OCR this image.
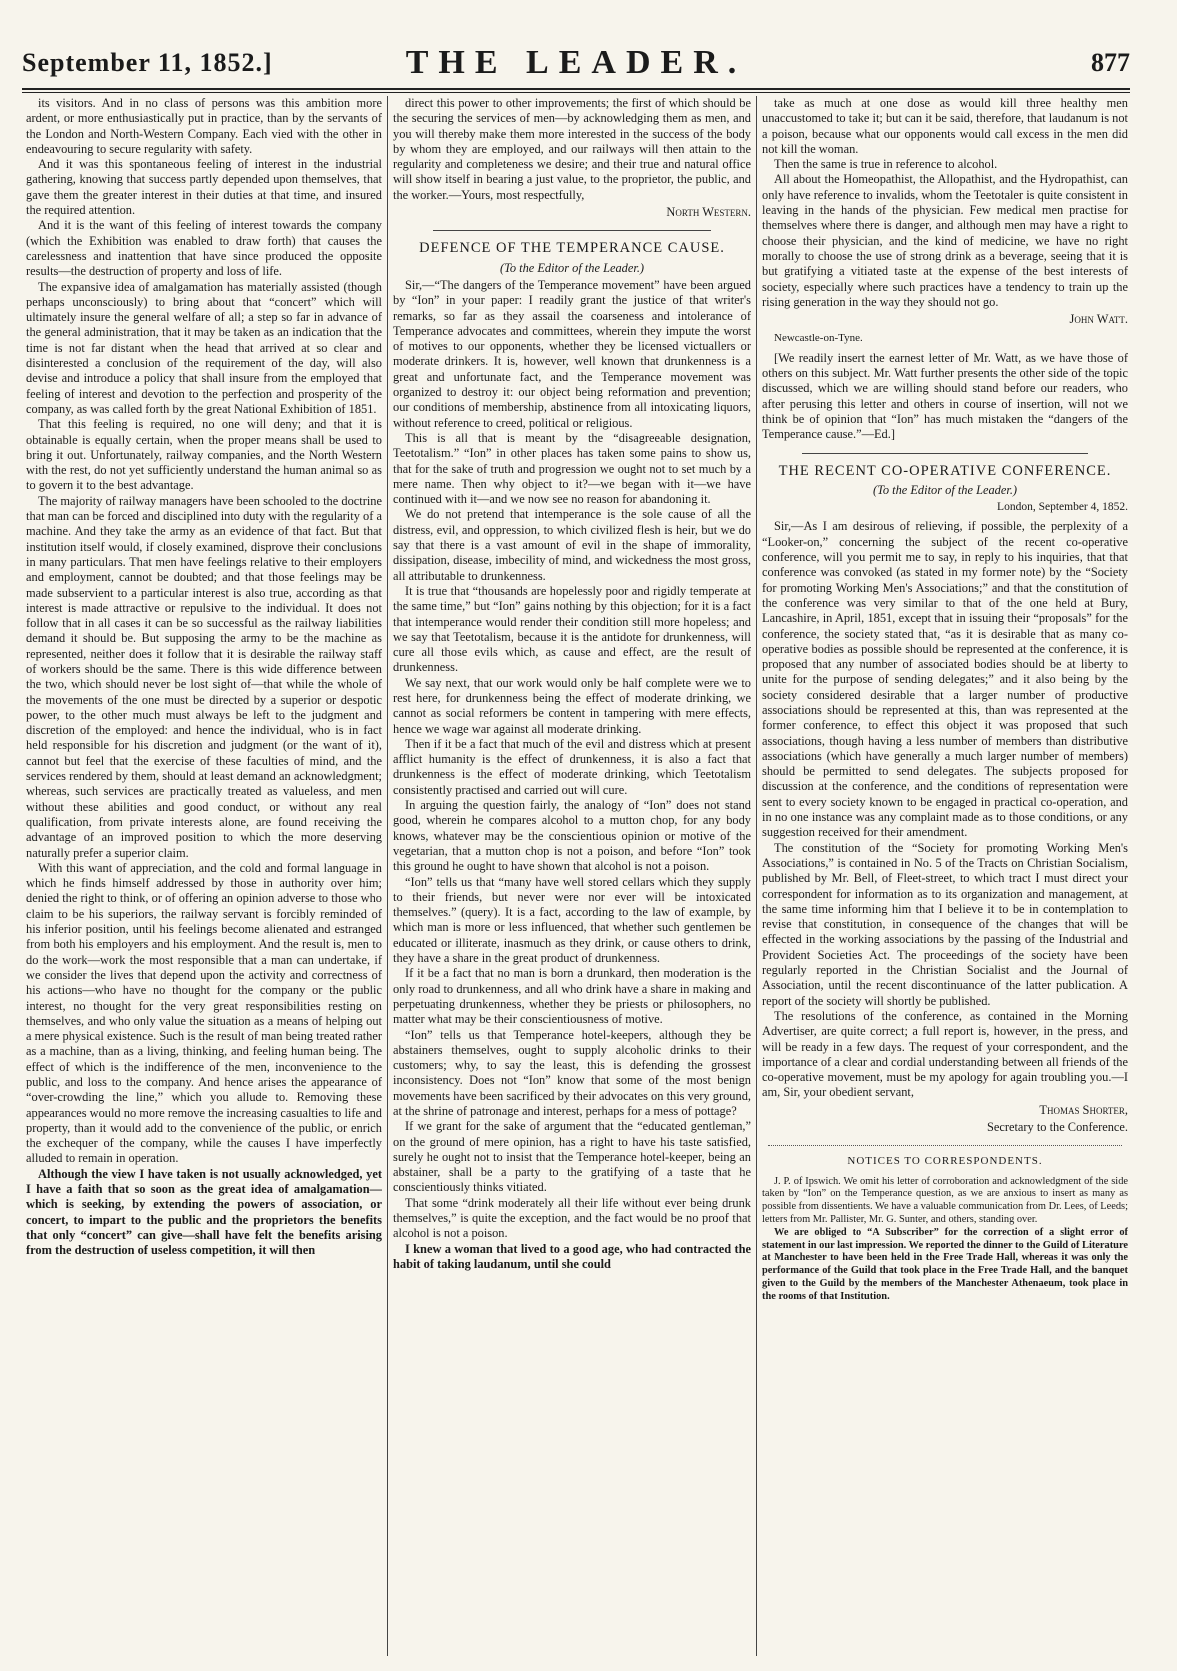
September 11, 1852.]	THE LEADER.	877

its visitors. And in no class of persons was this ambition more ardent, or more enthusiastically put in practice, than by the servants of the London and North-Western Company. Each vied with the other in endeavouring to secure regularity with safety.

And it was this spontaneous feeling of interest in the industrial gathering, knowing that success partly depended upon themselves, that gave them the greater interest in their duties at that time, and insured the required attention.

And it is the want of this feeling of interest towards the company (which the Exhibition was enabled to draw forth) that causes the carelessness and inattention that have since produced the opposite results—the destruction of property and loss of life.

The expansive idea of amalgamation has materially assisted (though perhaps unconsciously) to bring about that “concert” which will ultimately insure the general welfare of all; a step so far in advance of the general administration, that it may be taken as an indication that the time is not far distant when the head that arrived at so clear and disinterested a conclusion of the requirement of the day, will also devise and introduce a policy that shall insure from the employed that feeling of interest and devotion to the perfection and prosperity of the company, as was called forth by the great National Exhibition of 1851.

That this feeling is required, no one will deny; and that it is obtainable is equally certain, when the proper means shall be used to bring it out. Unfortunately, railway companies, and the North Western with the rest, do not yet sufficiently understand the human animal so as to govern it to the best advantage.

The majority of railway managers have been schooled to the doctrine that man can be forced and disciplined into duty with the regularity of a machine. And they take the army as an evidence of that fact. But that institution itself would, if closely examined, disprove their conclusions in many particulars. That men have feelings relative to their employers and employment, cannot be doubted; and that those feelings may be made subservient to a particular interest is also true, according as that interest is made attractive or repulsive to the individual. It does not follow that in all cases it can be so successful as the railway liabilities demand it should be. But supposing the army to be the machine as represented, neither does it follow that it is desirable the railway staff of workers should be the same. There is this wide difference between the two, which should never be lost sight of—that while the whole of the movements of the one must be directed by a superior or despotic power, to the other much must always be left to the judgment and discretion of the employed: and hence the individual, who is in fact held responsible for his discretion and judgment (or the want of it), cannot but feel that the exercise of these faculties of mind, and the services rendered by them, should at least demand an acknowledgment; whereas, such services are practically treated as valueless, and men without these abilities and good conduct, or without any real qualification, from private interests alone, are found receiving the advantage of an improved position to which the more deserving naturally prefer a superior claim.

With this want of appreciation, and the cold and formal language in which he finds himself addressed by those in authority over him; denied the right to think, or of offering an opinion adverse to those who claim to be his superiors, the railway servant is forcibly reminded of his inferior position, until his feelings become alienated and estranged from both his employers and his employment. And the result is, men to do the work—work the most responsible that a man can undertake, if we consider the lives that depend upon the activity and correctness of his actions—who have no thought for the company or the public interest, no thought for the very great responsibilities resting on themselves, and who only value the situation as a means of helping out a mere physical existence. Such is the result of man being treated rather as a machine, than as a living, thinking, and feeling human being. The effect of which is the indifference of the men, inconvenience to the public, and loss to the company. And hence arises the appearance of “over-crowding the line,” which you allude to. Removing these appearances would no more remove the increasing casualties to life and property, than it would add to the convenience of the public, or enrich the exchequer of the company, while the causes I have imperfectly alluded to remain in operation.

Although the view I have taken is not usually acknowledged, yet I have a faith that so soon as the great idea of amalgamation—which is seeking, by extending the powers of association, or concert, to impart to the public and the proprietors the benefits that only “concert” can give—shall have felt the benefits arising from the destruction of useless competition, it will then

direct this power to other improvements; the first of which should be the securing the services of men—by acknowledging them as men, and you will thereby make them more interested in the success of the body by whom they are employed, and our railways will then attain to the regularity and completeness we desire; and their true and natural office will show itself in bearing a just value, to the proprietor, the public, and the worker.—Yours, most respectfully,

North Western.
DEFENCE OF THE TEMPERANCE CAUSE.

(To the Editor of the Leader.)

Sir,—“The dangers of the Temperance movement” have been argued by “Ion” in your paper: I readily grant the justice of that writer's remarks, so far as they assail the coarseness and intolerance of Temperance advocates and committees, wherein they impute the worst of motives to our opponents, whether they be licensed victuallers or moderate drinkers. It is, however, well known that drunkenness is a great and unfortunate fact, and the Temperance movement was organized to destroy it: our object being reformation and prevention; our conditions of membership, abstinence from all intoxicating liquors, without reference to creed, political or religious.

This is all that is meant by the “disagreeable designation, Teetotalism.” “Ion” in other places has taken some pains to show us, that for the sake of truth and progression we ought not to set much by a mere name. Then why object to it?—we began with it—we have continued with it—and we now see no reason for abandoning it.

We do not pretend that intemperance is the sole cause of all the distress, evil, and oppression, to which civilized flesh is heir, but we do say that there is a vast amount of evil in the shape of immorality, dissipation, disease, imbecility of mind, and wickedness the most gross, all attributable to drunkenness.

It is true that “thousands are hopelessly poor and rigidly temperate at the same time,” but “Ion” gains nothing by this objection; for it is a fact that intemperance would render their condition still more hopeless; and we say that Teetotalism, because it is the antidote for drunkenness, will cure all those evils which, as cause and effect, are the result of drunkenness.

We say next, that our work would only be half complete were we to rest here, for drunkenness being the effect of moderate drinking, we cannot as social reformers be content in tampering with mere effects, hence we wage war against all moderate drinking.

Then if it be a fact that much of the evil and distress which at present afflict humanity is the effect of drunkenness, it is also a fact that drunkenness is the effect of moderate drinking, which Teetotalism consistently practised and carried out will cure.

In arguing the question fairly, the analogy of “Ion” does not stand good, wherein he compares alcohol to a mutton chop, for any body knows, whatever may be the conscientious opinion or motive of the vegetarian, that a mutton chop is not a poison, and before “Ion” took this ground he ought to have shown that alcohol is not a poison.

“Ion” tells us that “many have well stored cellars which they supply to their friends, but never were nor ever will be intoxicated themselves.” (query). It is a fact, according to the law of example, by which man is more or less influenced, that whether such gentlemen be educated or illiterate, inasmuch as they drink, or cause others to drink, they have a share in the great product of drunkenness.

If it be a fact that no man is born a drunkard, then moderation is the only road to drunkenness, and all who drink have a share in making and perpetuating drunkenness, whether they be priests or philosophers, no matter what may be their conscientiousness of motive.

“Ion” tells us that Temperance hotel-keepers, although they be abstainers themselves, ought to supply alcoholic drinks to their customers; why, to say the least, this is defending the grossest inconsistency. Does not “Ion” know that some of the most benign movements have been sacrificed by their advocates on this very ground, at the shrine of patronage and interest, perhaps for a mess of pottage?

If we grant for the sake of argument that the “educated gentleman,” on the ground of mere opinion, has a right to have his taste satisfied, surely he ought not to insist that the Temperance hotel-keeper, being an abstainer, shall be a party to the gratifying of a taste that he conscientiously thinks vitiated.

That some “drink moderately all their life without ever being drunk themselves,” is quite the exception, and the fact would be no proof that alcohol is not a poison.

I knew a woman that lived to a good age, who had contracted the habit of taking laudanum, until she could

take as much at one dose as would kill three healthy men unaccustomed to take it; but can it be said, therefore, that laudanum is not a poison, because what our opponents would call excess in the men did not kill the woman.

Then the same is true in reference to alcohol.

All about the Homeopathist, the Allopathist, and the Hydropathist, can only have reference to invalids, whom the Teetotaler is quite consistent in leaving in the hands of the physician. Few medical men practise for themselves where there is danger, and although men may have a right to choose their physician, and the kind of medicine, we have no right morally to choose the use of strong drink as a beverage, seeing that it is but gratifying a vitiated taste at the expense of the best interests of society, especially where such practices have a tendency to train up the rising generation in the way they should not go.

John Watt.
Newcastle-on-Tyne.

[We readily insert the earnest letter of Mr. Watt, as we have those of others on this subject. Mr. Watt further presents the other side of the topic discussed, which we are willing should stand before our readers, who after perusing this letter and others in course of insertion, will not we think be of opinion that “Ion” has much mistaken the “dangers of the Temperance cause.”—Ed.]

THE RECENT CO-OPERATIVE CONFERENCE.

(To the Editor of the Leader.)

London, September 4, 1852.

Sir,—As I am desirous of relieving, if possible, the perplexity of a “Looker-on,” concerning the subject of the recent co-operative conference, will you permit me to say, in reply to his inquiries, that that conference was convoked (as stated in my former note) by the “Society for promoting Working Men's Associations;” and that the constitution of the conference was very similar to that of the one held at Bury, Lancashire, in April, 1851, except that in issuing their “proposals” for the conference, the society stated that, “as it is desirable that as many co-operative bodies as possible should be represented at the conference, it is proposed that any number of associated bodies should be at liberty to unite for the purpose of sending delegates;” and it also being by the society considered desirable that a larger number of productive associations should be represented at this, than was represented at the former conference, to effect this object it was proposed that such associations, though having a less number of members than distributive associations (which have generally a much larger number of members) should be permitted to send delegates. The subjects proposed for discussion at the conference, and the conditions of representation were sent to every society known to be engaged in practical co-operation, and in no one instance was any complaint made as to those conditions, or any suggestion received for their amendment.

The constitution of the “Society for promoting Working Men's Associations,” is contained in No. 5 of the Tracts on Christian Socialism, published by Mr. Bell, of Fleet-street, to which tract I must direct your correspondent for information as to its organization and management, at the same time informing him that I believe it to be in contemplation to revise that constitution, in consequence of the changes that will be effected in the working associations by the passing of the Industrial and Provident Societies Act. The proceedings of the society have been regularly reported in the Christian Socialist and the Journal of Association, until the recent discontinuance of the latter publication. A report of the society will shortly be published.

The resolutions of the conference, as contained in the Morning Advertiser, are quite correct; a full report is, however, in the press, and will be ready in a few days. The request of your correspondent, and the importance of a clear and cordial understanding between all friends of the co-operative movement, must be my apology for again troubling you.—I am, Sir, your obedient servant,

Thomas Shorter,
Secretary to the Conference.
NOTICES TO CORRESPONDENTS.

J. P. of Ipswich. We omit his letter of corroboration and acknowledgment of the side taken by “Ion” on the Temperance question, as we are anxious to insert as many as possible from dissentients. We have a valuable communication from Dr. Lees, of Leeds; letters from Mr. Pallister, Mr. G. Sunter, and others, standing over.

We are obliged to “A Subscriber” for the correction of a slight error of statement in our last impression. We reported the dinner to the Guild of Literature at Manchester to have been held in the Free Trade Hall, whereas it was only the performance of the Guild that took place in the Free Trade Hall, and the banquet given to the Guild by the members of the Manchester Athenaeum, took place in the rooms of that Institution.
